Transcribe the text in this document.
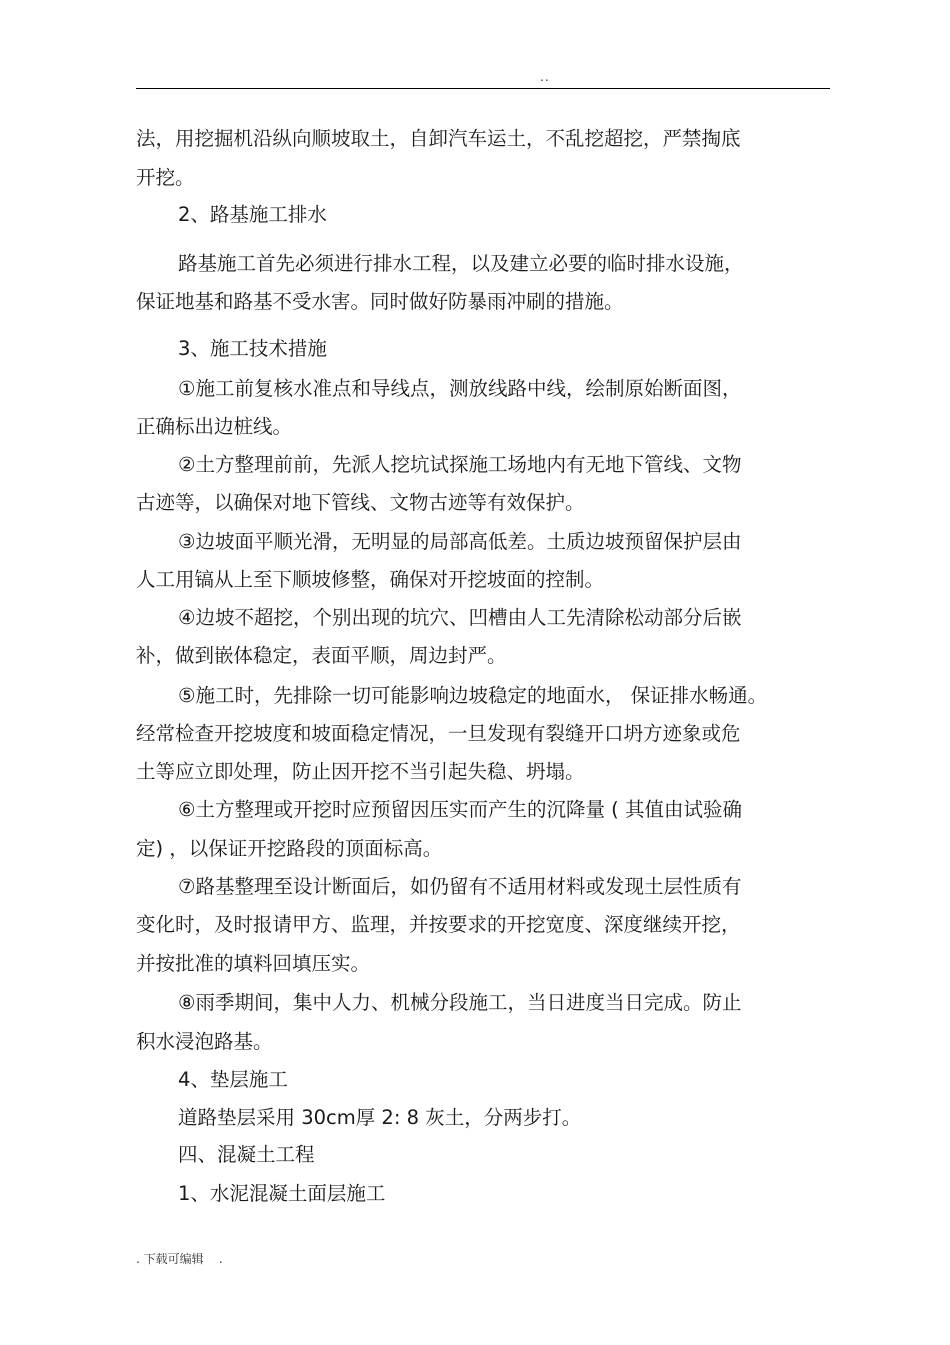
..

法，用挖掘机沿纵向顺坡取土，自卸汽车运土，不乱挖超挖，严禁掏底

开挖。

2、路基施工排水

路基施工首先必须进行排水工程，以及建立必要的临时排水设施，

保证地基和路基不受水害。同时做好防暴雨冲刷的措施。

3、施工技术措施

①施工前复核水准点和导线点，测放线路中线，绘制原始断面图，

正确标出边桩线。

②土方整理前前，先派人挖坑试探施工场地内有无地下管线、文物

古迹等，以确保对地下管线、文物古迹等有效保护。

③边坡面平顺光滑，无明显的局部高低差。土质边坡预留保护层由

人工用镐从上至下顺坡修整，确保对开挖坡面的控制。

④边坡不超挖，个别出现的坑穴、凹槽由人工先清除松动部分后嵌

补，做到嵌体稳定，表面平顺，周边封严。

⑤施工时，先排除一切可能影响边坡稳定的地面水， 保证排水畅通。

经常检查开挖坡度和坡面稳定情况，一旦发现有裂缝开口坍方迹象或危

土等应立即处理，防止因开挖不当引起失稳、坍塌。

⑥土方整理或开挖时应预留因压实而产生的沉降量 ( 其值由试验确

定) ，以保证开挖路段的顶面标高。

⑦路基整理至设计断面后，如仍留有不适用材料或发现土层性质有

变化时，及时报请甲方、监理，并按要求的开挖宽度、深度继续开挖，

并按批准的填料回填压实。

⑧雨季期间，集中人力、机械分段施工，当日进度当日完成。防止

积水浸泡路基。

4、垫层施工

道路垫层采用 30cm厚 2: 8 灰土，分两步打。

四、混凝土工程

1、水泥混凝土面层施工

. 下载可编辑    .
